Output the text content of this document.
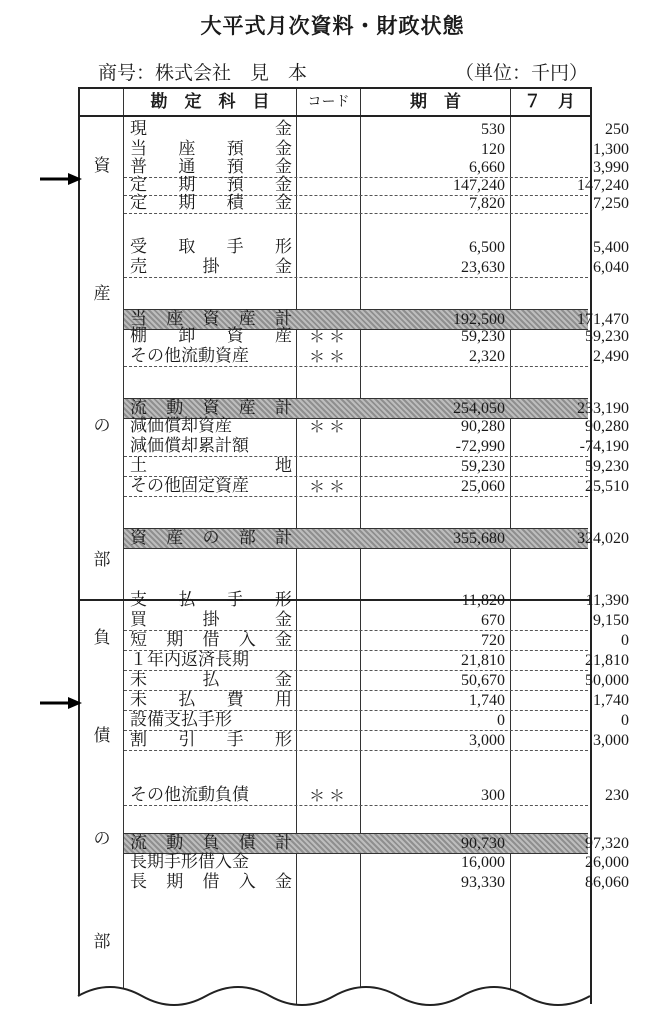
大平式月次資料・財政状態
商号：株式会社　見　本	（単位：千円）
勘　定　科　目	コード	期　首	７　月
資
産
の
部
負
債
の
部
現	金	530	250
当 座 預 金	120	1,300
普 通 預 金	6,660	3,990
定 期 預 金	147,240	147,240
定 期 積 金	7,820	7,250
受 取 手 形	6,500	5,400
売	掛	金	23,630	6,040
当 座 資 産 計	192,500	171,470
棚 卸 資 産	＊＊	59,230	59,230
その他流動資産	＊＊	2,320	2,490
流 動 資 産 計	254,050	233,190
減価償却資産	＊＊	90,280	90,280
減価償却累計額	-72,990	-74,190
土	地	59,230	59,230
その他固定資産	＊＊	25,060	25,510
資 産 の 部 計	355,680	324,020
支 払 手 形	11,820	11,390
買	掛	金	670	9,150
短 期 借 入 金	720	0
１年内返済長期	21,810	21,810
未	払	金	50,670	50,000
未 払 費 用	1,740	1,740
設備支払手形	0	0
割 引 手 形	3,000	3,000
その他流動負債	＊＊	300	230
流 動 負 債 計	90,730	97,320
長期手形借入金	16,000	26,000
長 期 借 入 金	93,330	86,060
